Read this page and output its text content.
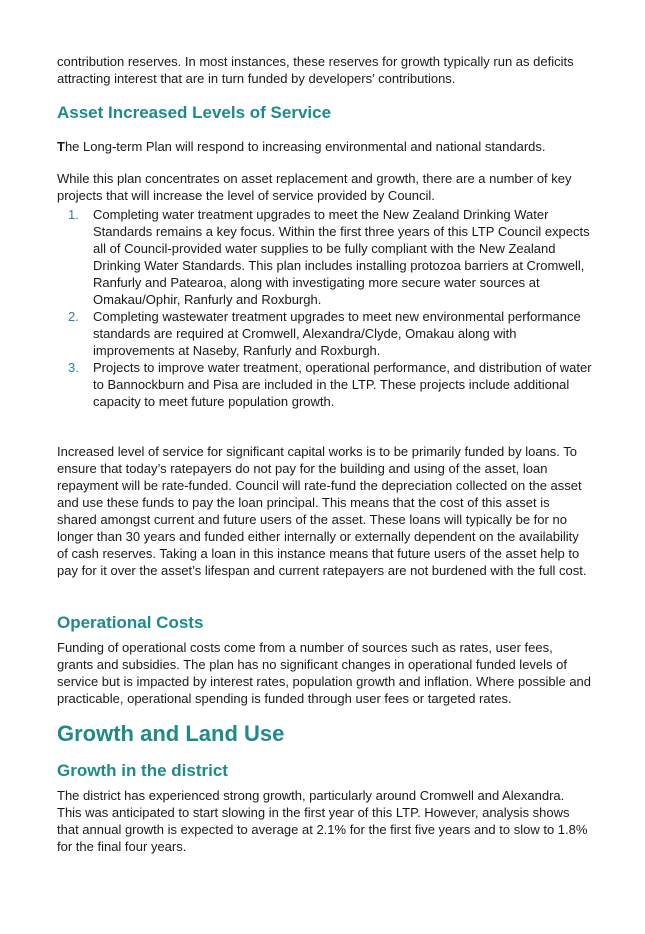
contribution reserves. In most instances, these reserves for growth typically run as deficits attracting interest that are in turn funded by developers’ contributions.

Asset Increased Levels of Service

The Long-term Plan will respond to increasing environmental and national standards.

While this plan concentrates on asset replacement and growth, there are a number of key projects that will increase the level of service provided by Council.

1. Completing water treatment upgrades to meet the New Zealand Drinking Water Standards remains a key focus. Within the first three years of this LTP Council expects all of Council-provided water supplies to be fully compliant with the New Zealand Drinking Water Standards. This plan includes installing protozoa barriers at Cromwell, Ranfurly and Patearoa, along with investigating more secure water sources at Omakau/Ophir, Ranfurly and Roxburgh.
2. Completing wastewater treatment upgrades to meet new environmental performance standards are required at Cromwell, Alexandra/Clyde, Omakau along with improvements at Naseby, Ranfurly and Roxburgh.
3. Projects to improve water treatment, operational performance, and distribution of water to Bannockburn and Pisa are included in the LTP. These projects include additional capacity to meet future population growth.

Increased level of service for significant capital works is to be primarily funded by loans. To ensure that today’s ratepayers do not pay for the building and using of the asset, loan repayment will be rate-funded. Council will rate-fund the depreciation collected on the asset and use these funds to pay the loan principal. This means that the cost of this asset is shared amongst current and future users of the asset. These loans will typically be for no longer than 30 years and funded either internally or externally dependent on the availability of cash reserves. Taking a loan in this instance means that future users of the asset help to pay for it over the asset’s lifespan and current ratepayers are not burdened with the full cost.

Operational Costs

Funding of operational costs come from a number of sources such as rates, user fees, grants and subsidies. The plan has no significant changes in operational funded levels of service but is impacted by interest rates, population growth and inflation. Where possible and practicable, operational spending is funded through user fees or targeted rates.

Growth and Land Use

Growth in the district

The district has experienced strong growth, particularly around Cromwell and Alexandra. This was anticipated to start slowing in the first year of this LTP. However, analysis shows that annual growth is expected to average at 2.1% for the first five years and to slow to 1.8% for the final four years.
